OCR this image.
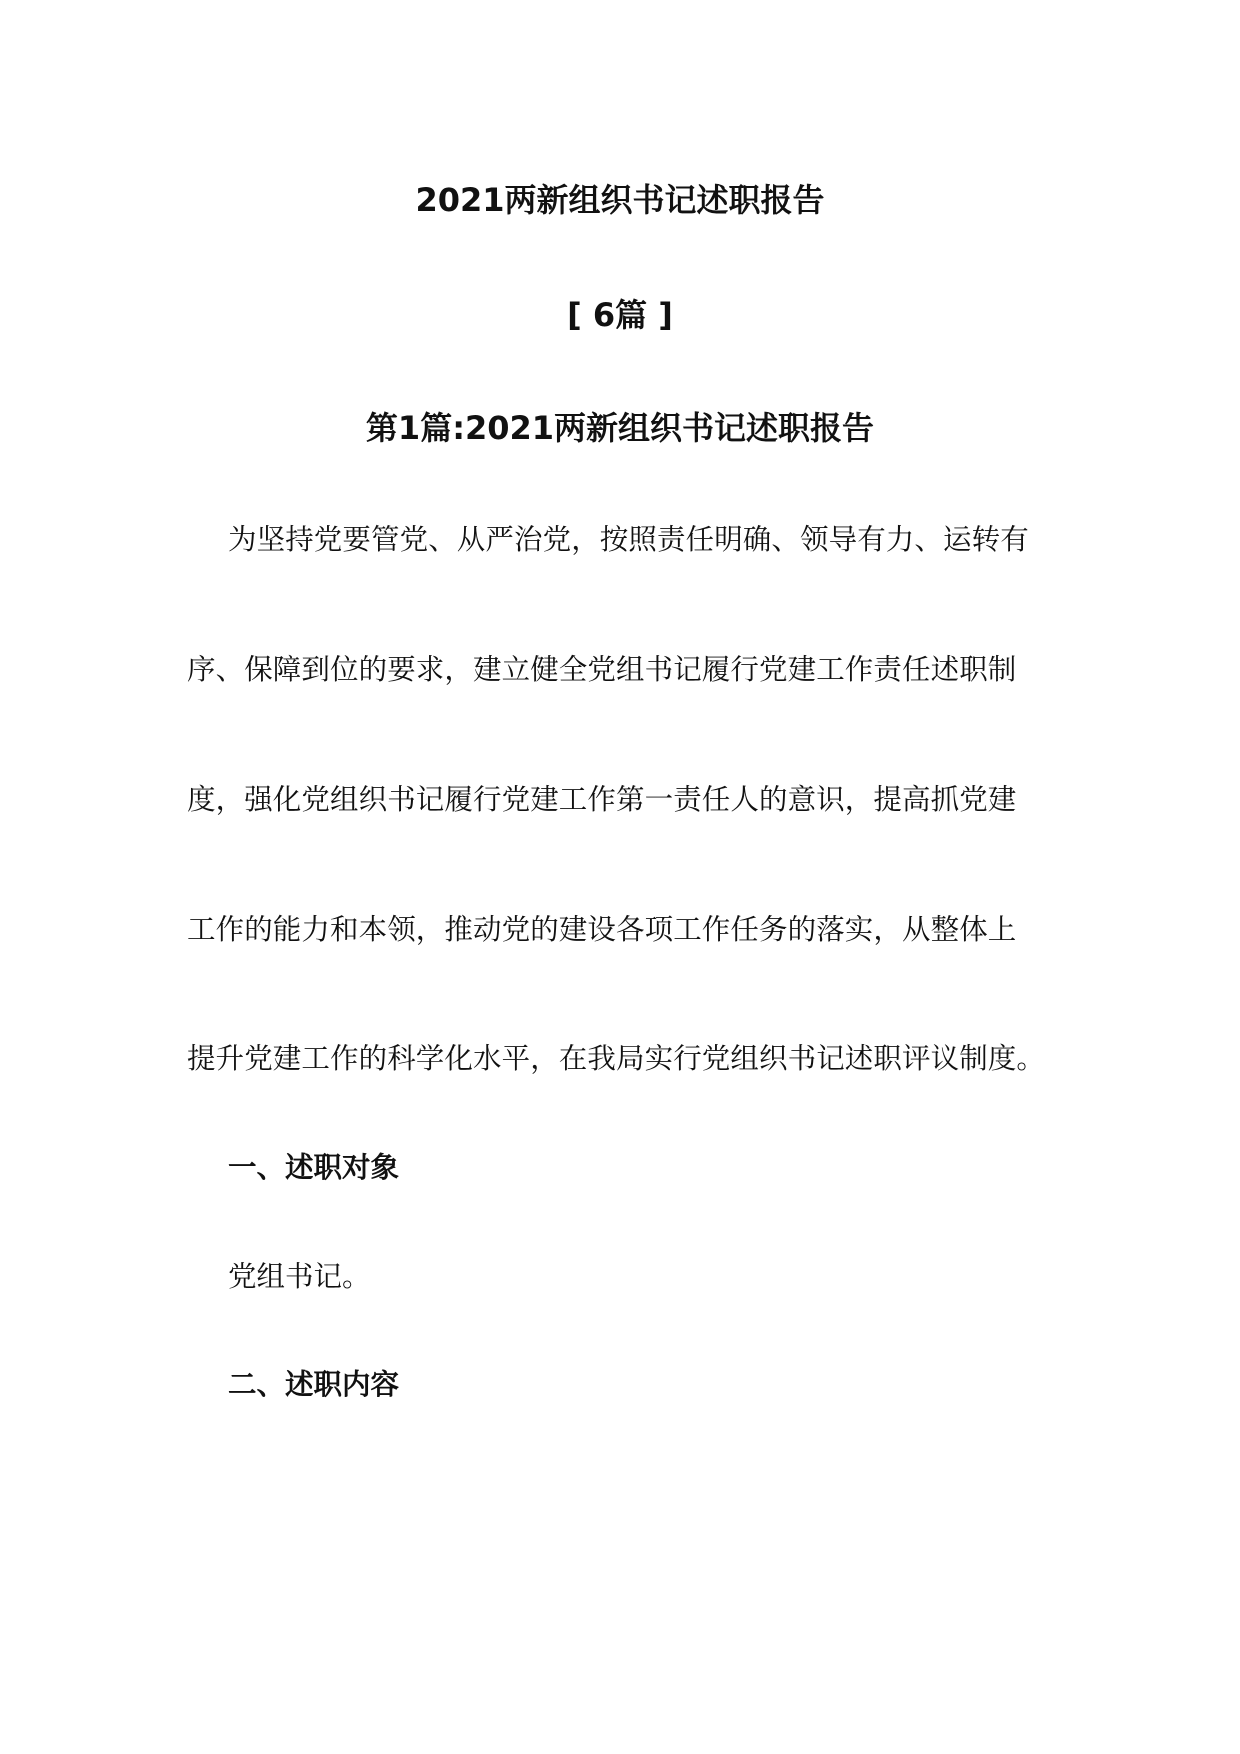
2021两新组织书记述职报告
[ 6篇 ]
第1篇:2021两新组织书记述职报告
为坚持党要管党、从严治党，按照责任明确、领导有力、运转有
序、保障到位的要求，建立健全党组书记履行党建工作责任述职制
度，强化党组织书记履行党建工作第一责任人的意识，提高抓党建
工作的能力和本领，推动党的建设各项工作任务的落实，从整体上
提升党建工作的科学化水平，在我局实行党组织书记述职评议制度。
一、述职对象
党组书记。
二、述职内容
